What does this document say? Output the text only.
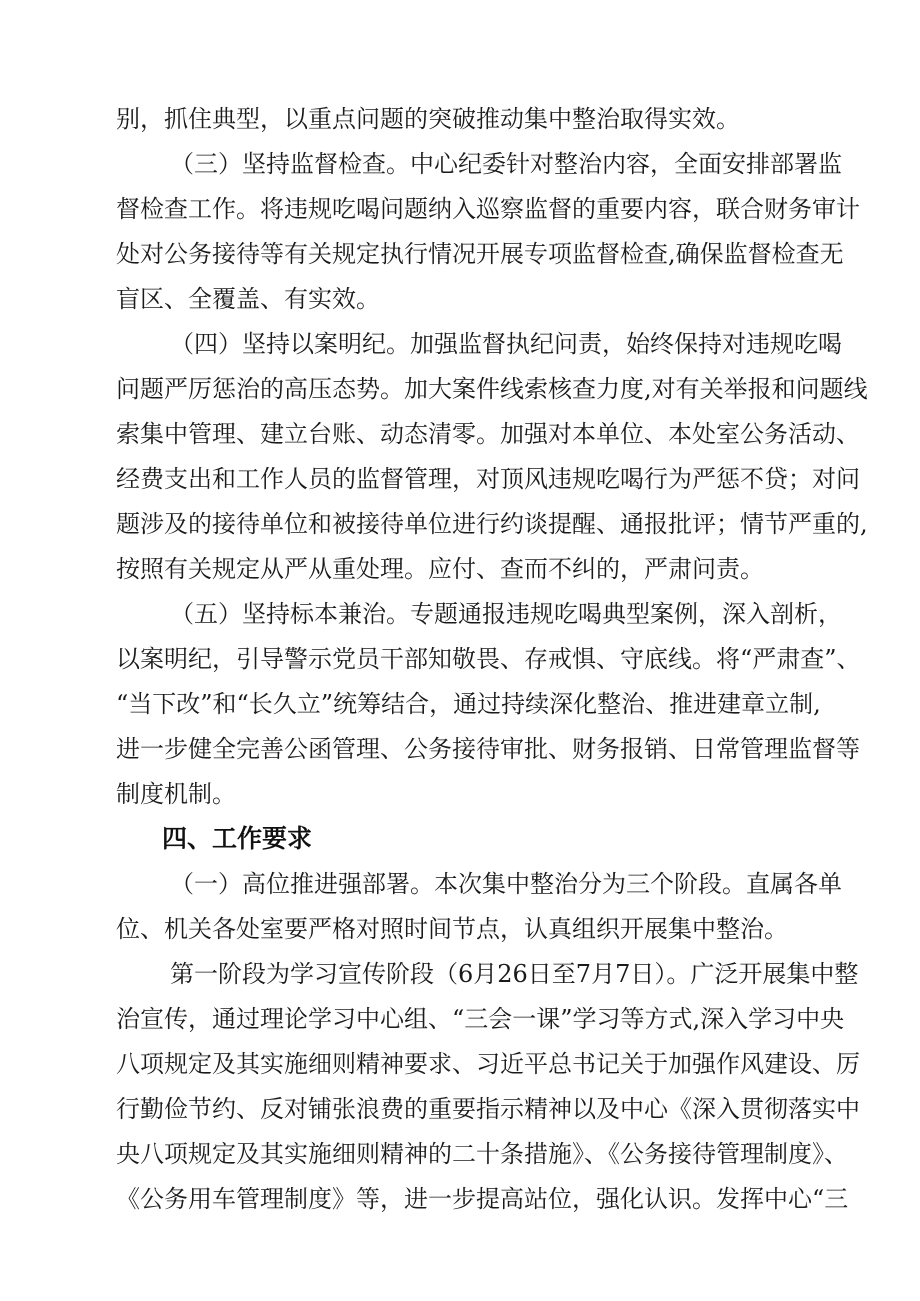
别，抓住典型，以重点问题的突破推动集中整治取得实效。
（三）坚持监督检查。中心纪委针对整治内容，全面安排部署监
督检查工作。将违规吃喝问题纳入巡察监督的重要内容，联合财务审计
处对公务接待等有关规定执行情况开展专项监督检查,确保监督检查无
盲区、全覆盖、有实效。
（四）坚持以案明纪。加强监督执纪问责，始终保持对违规吃喝
问题严厉惩治的高压态势。加大案件线索核查力度,对有关举报和问题线
索集中管理、建立台账、动态清零。加强对本单位、本处室公务活动、
经费支出和工作人员的监督管理，对顶风违规吃喝行为严惩不贷；对问
题涉及的接待单位和被接待单位进行约谈提醒、通报批评；情节严重的,
按照有关规定从严从重处理。应付、查而不纠的，严肃问责。
（五）坚持标本兼治。专题通报违规吃喝典型案例，深入剖析，
以案明纪，引导警示党员干部知敬畏、存戒惧、守底线。将“严肃查”、
“当下改”和“长久立”统筹结合，通过持续深化整治、推进建章立制,
进一步健全完善公函管理、公务接待审批、财务报销、日常管理监督等
制度机制。
四、工作要求
（一）高位推进强部署。本次集中整治分为三个阶段。直属各单
位、机关各处室要严格对照时间节点，认真组织开展集中整治。
第一阶段为学习宣传阶段（6月26日至7月7日）。广泛开展集中整
治宣传，通过理论学习中心组、“三会一课”学习等方式,深入学习中央
八项规定及其实施细则精神要求、习近平总书记关于加强作风建设、厉
行勤俭节约、反对铺张浪费的重要指示精神以及中心《深入贯彻落实中
央八项规定及其实施细则精神的二十条措施》、《公务接待管理制度》、
《公务用车管理制度》等，进一步提高站位，强化认识。发挥中心“三
